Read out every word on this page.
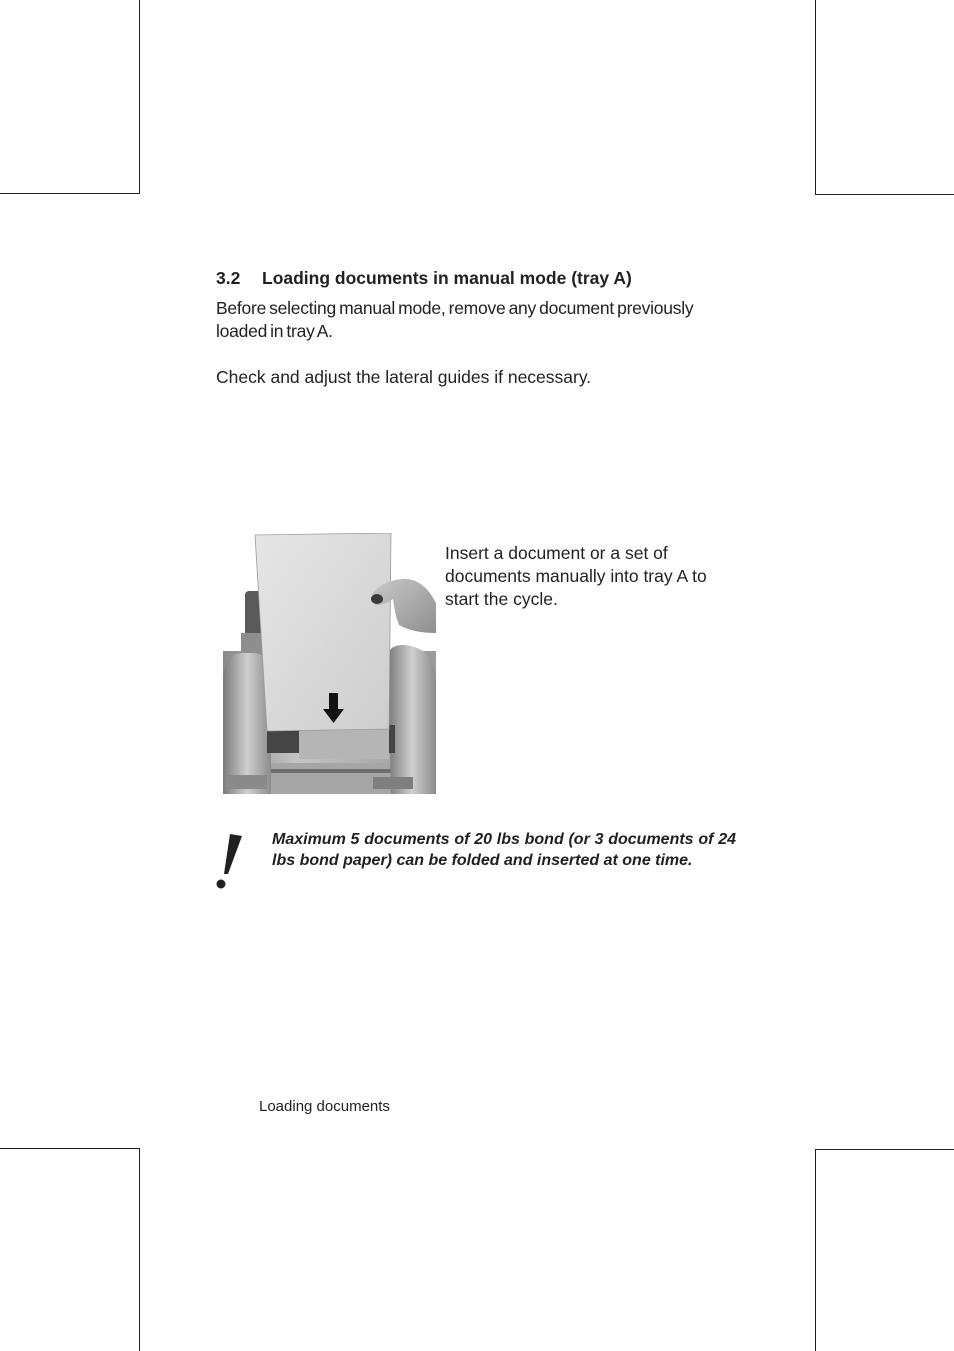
3.2 Loading documents in manual mode (tray A)

Before selecting manual mode, remove any document previously loaded in tray A.

Check and adjust the lateral guides if necessary.

Insert a document or a set of documents manually into tray A to start the cycle.

Maximum 5 documents of 20 lbs bond (or 3 documents of 24 lbs bond paper) can be folded and inserted at one time.

Loading documents
